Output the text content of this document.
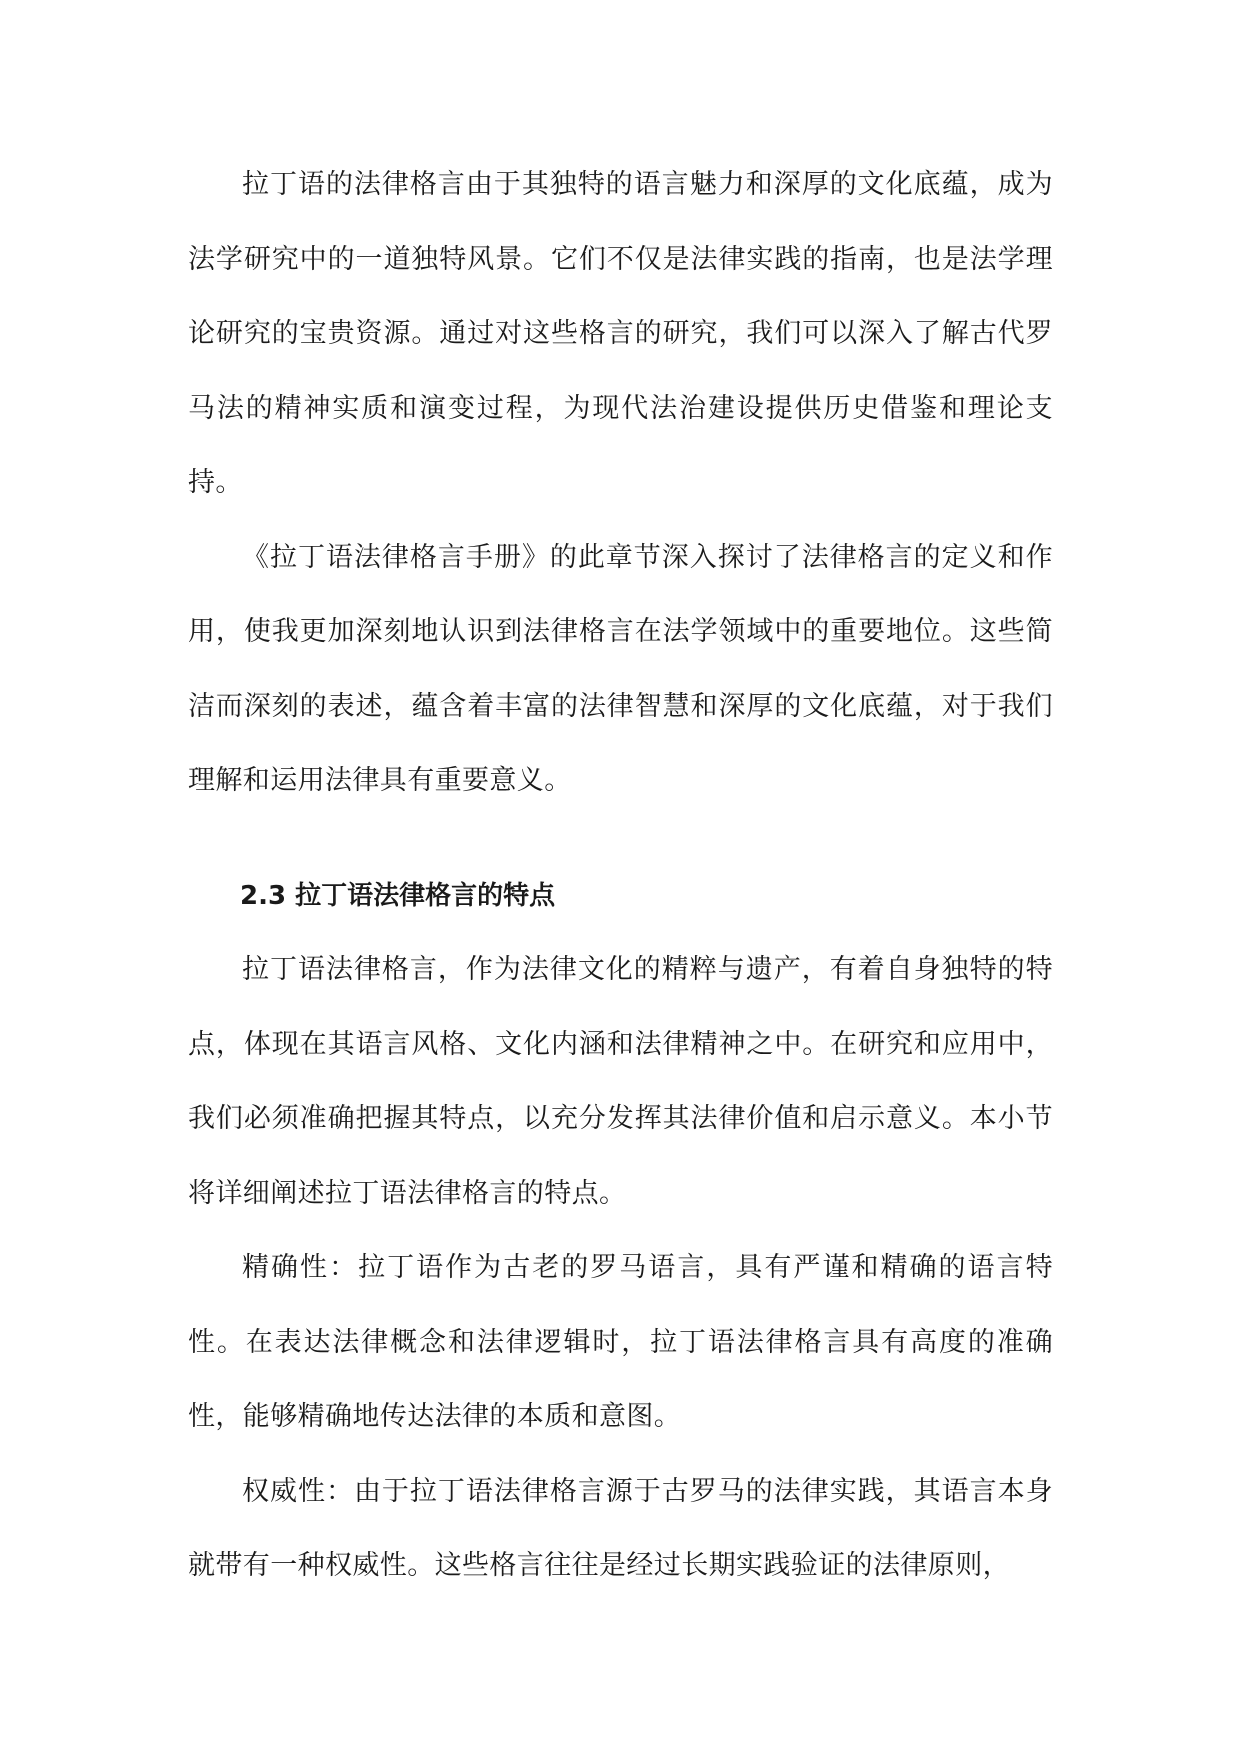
拉丁语的法律格言由于其独特的语言魅力和深厚的文化底蕴，成为法学研究中的一道独特风景。它们不仅是法律实践的指南，也是法学理论研究的宝贵资源。通过对这些格言的研究，我们可以深入了解古代罗马法的精神实质和演变过程，为现代法治建设提供历史借鉴和理论支持。

《拉丁语法律格言手册》的此章节深入探讨了法律格言的定义和作用，使我更加深刻地认识到法律格言在法学领域中的重要地位。这些简洁而深刻的表述，蕴含着丰富的法律智慧和深厚的文化底蕴，对于我们理解和运用法律具有重要意义。

2.3 拉丁语法律格言的特点

拉丁语法律格言，作为法律文化的精粹与遗产，有着自身独特的特点，体现在其语言风格、文化内涵和法律精神之中。在研究和应用中，我们必须准确把握其特点，以充分发挥其法律价值和启示意义。本小节将详细阐述拉丁语法律格言的特点。

精确性：拉丁语作为古老的罗马语言，具有严谨和精确的语言特性。在表达法律概念和法律逻辑时，拉丁语法律格言具有高度的准确性，能够精确地传达法律的本质和意图。

权威性：由于拉丁语法律格言源于古罗马的法律实践，其语言本身就带有一种权威性。这些格言往往是经过长期实践验证的法律原则，
